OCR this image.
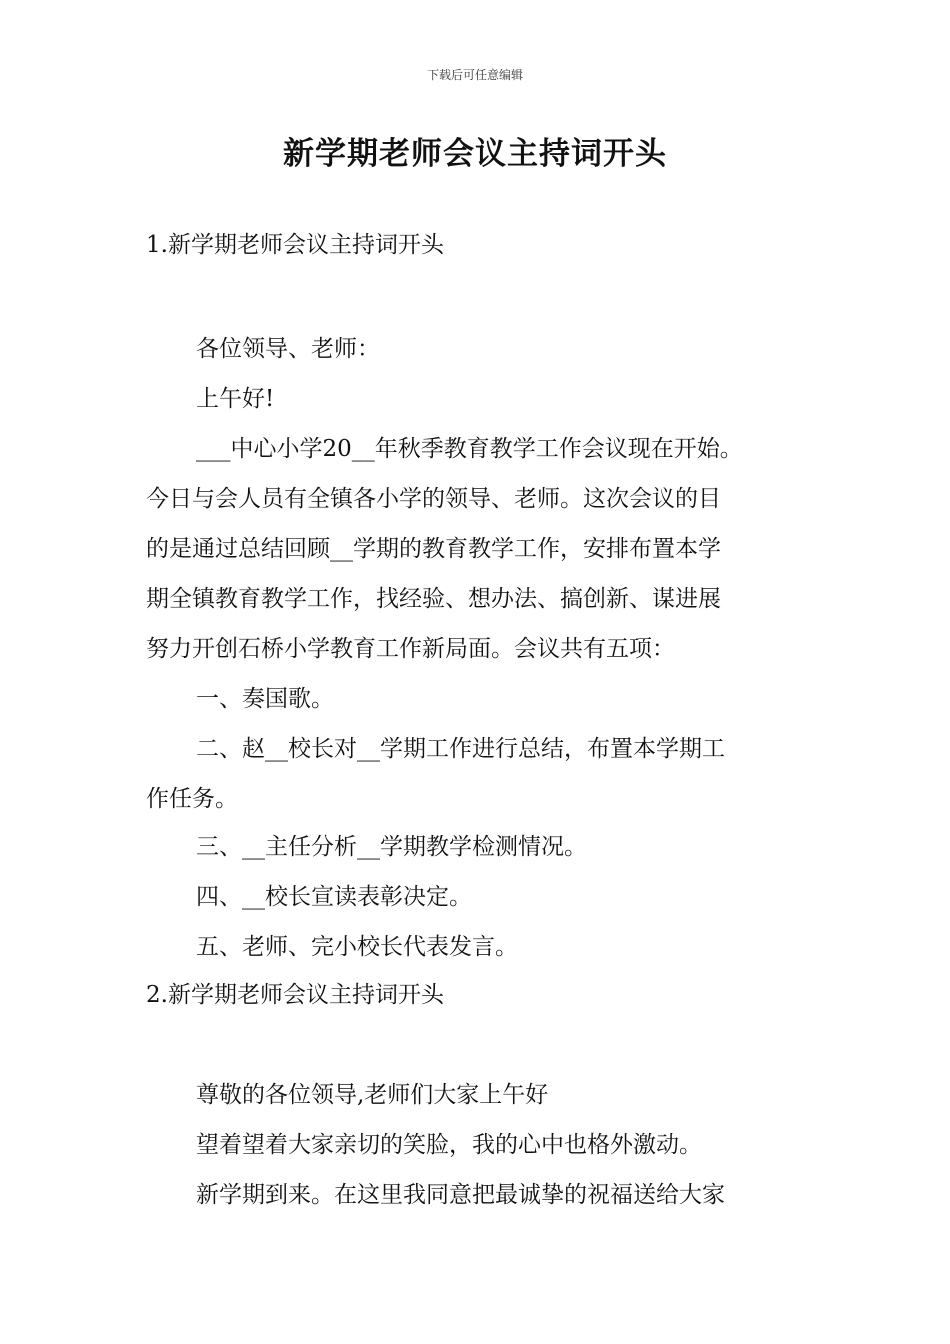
下载后可任意编辑
新学期老师会议主持词开头
1.新学期老师会议主持词开头
各位领导、老师：
上午好!
___中心小学20__年秋季教育教学工作会议现在开始。
今日与会人员有全镇各小学的领导、老师。这次会议的目
的是通过总结回顾__学期的教育教学工作，安排布置本学
期全镇教育教学工作，找经验、想办法、搞创新、谋进展
努力开创石桥小学教育工作新局面。会议共有五项：
一、奏国歌。
二、赵__校长对__学期工作进行总结，布置本学期工
作任务。
三、__主任分析__学期教学检测情况。
四、__校长宣读表彰决定。
五、老师、完小校长代表发言。
2.新学期老师会议主持词开头
尊敬的各位领导,老师们大家上午好
望着望着大家亲切的笑脸，我的心中也格外激动。
新学期到来。在这里我同意把最诚挚的祝福送给大家
